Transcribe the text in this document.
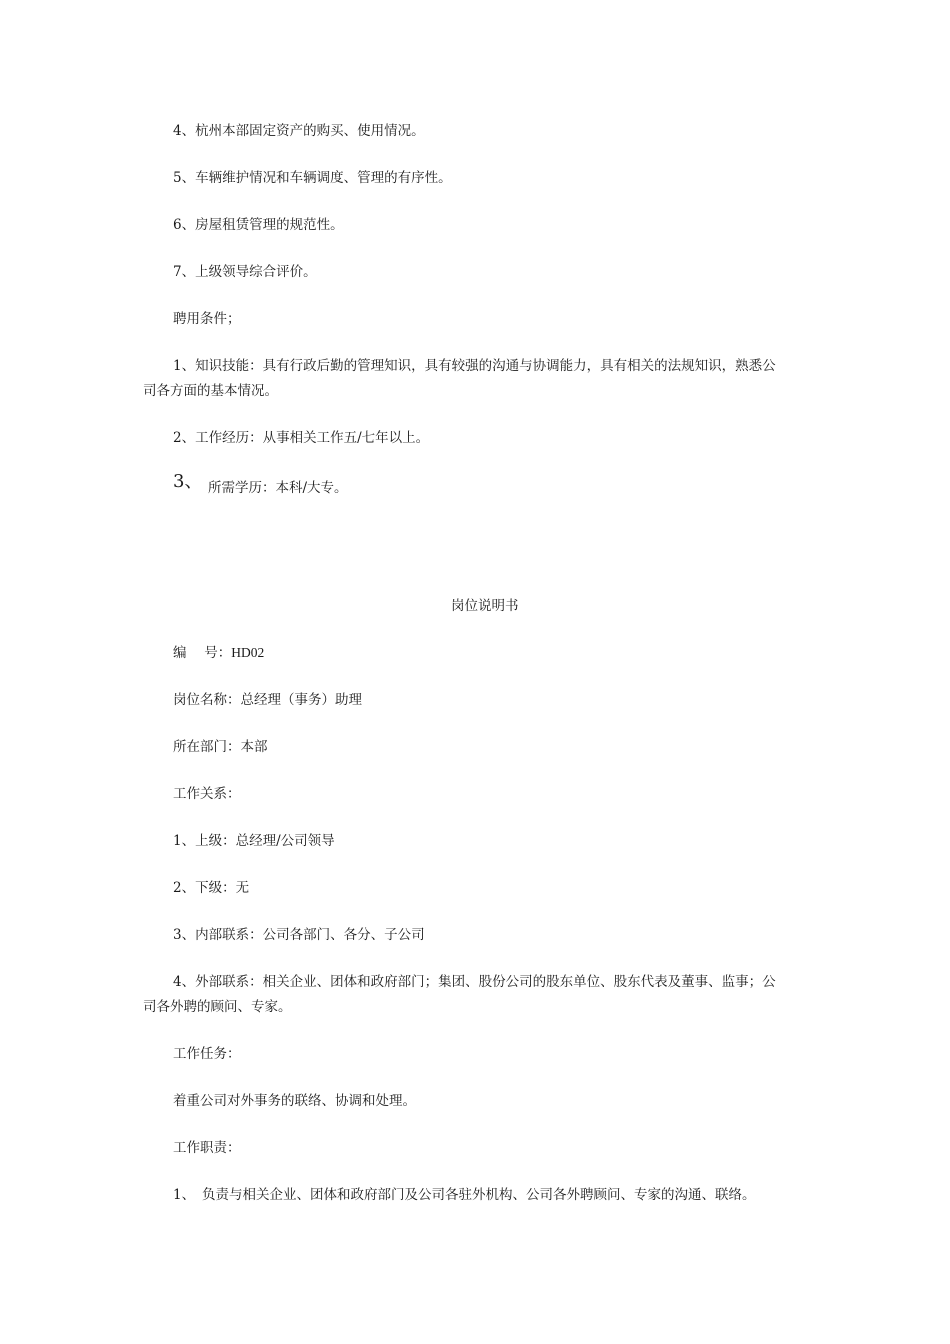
4、杭州本部固定资产的购买、使用情况。
5、车辆维护情况和车辆调度、管理的有序性。
6、房屋租赁管理的规范性。
7、上级领导综合评价。
聘用条件；
1、知识技能：具有行政后勤的管理知识，具有较强的沟通与协调能力，具有相关的法规知识，熟悉公
司各方面的基本情况。
2、工作经历：从事相关工作五/七年以上。
3、 所需学历：本科/大专。
岗位说明书
编　 号：HD02
岗位名称：总经理（事务）助理
所在部门：本部
工作关系：
1、上级：总经理/公司领导
2、下级：无
3、内部联系：公司各部门、各分、子公司
4、外部联系：相关企业、团体和政府部门；集团、股份公司的股东单位、股东代表及董事、监事；公
司各外聘的顾问、专家。
工作任务：
着重公司对外事务的联络、协调和处理。
工作职责：
1、 负责与相关企业、团体和政府部门及公司各驻外机构、公司各外聘顾问、专家的沟通、联络。
